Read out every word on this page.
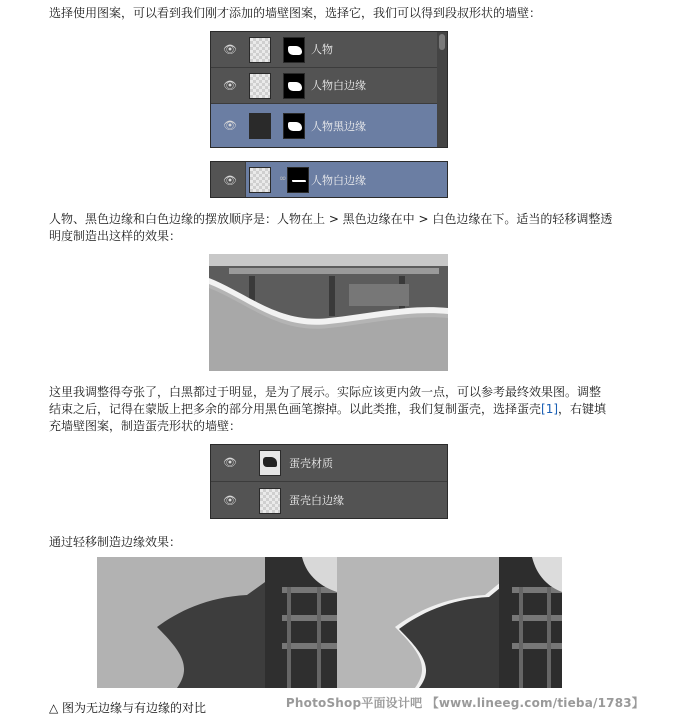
选择使用图案，可以看到我们刚才添加的墙壁图案，选择它，我们可以得到段叔形状的墙壁：

👁	人物
👁	人物白边缘
👁	人物黑边缘
👁	∞ 人物白边缘

人物、黑色边缘和白色边缘的摆放顺序是：人物在上 > 黑色边缘在中 > 白色边缘在下。适当的轻移调整透

明度制造出这样的效果：

这里我调整得夸张了，白黑都过于明显，是为了展示。实际应该更内敛一点，可以参考最终效果图。调整

结束之后，记得在蒙版上把多余的部分用黑色画笔擦掉。以此类推，我们复制蛋壳，选择蛋壳[1]，右键填

充墙壁图案，制造蛋壳形状的墙壁：

👁	蛋壳材质
👁	蛋壳白边缘

通过轻移制造边缘效果：

PhotoShop平面设计吧 【www.lineeg.com/tieba/1783】
△ 图为无边缘与有边缘的对比
